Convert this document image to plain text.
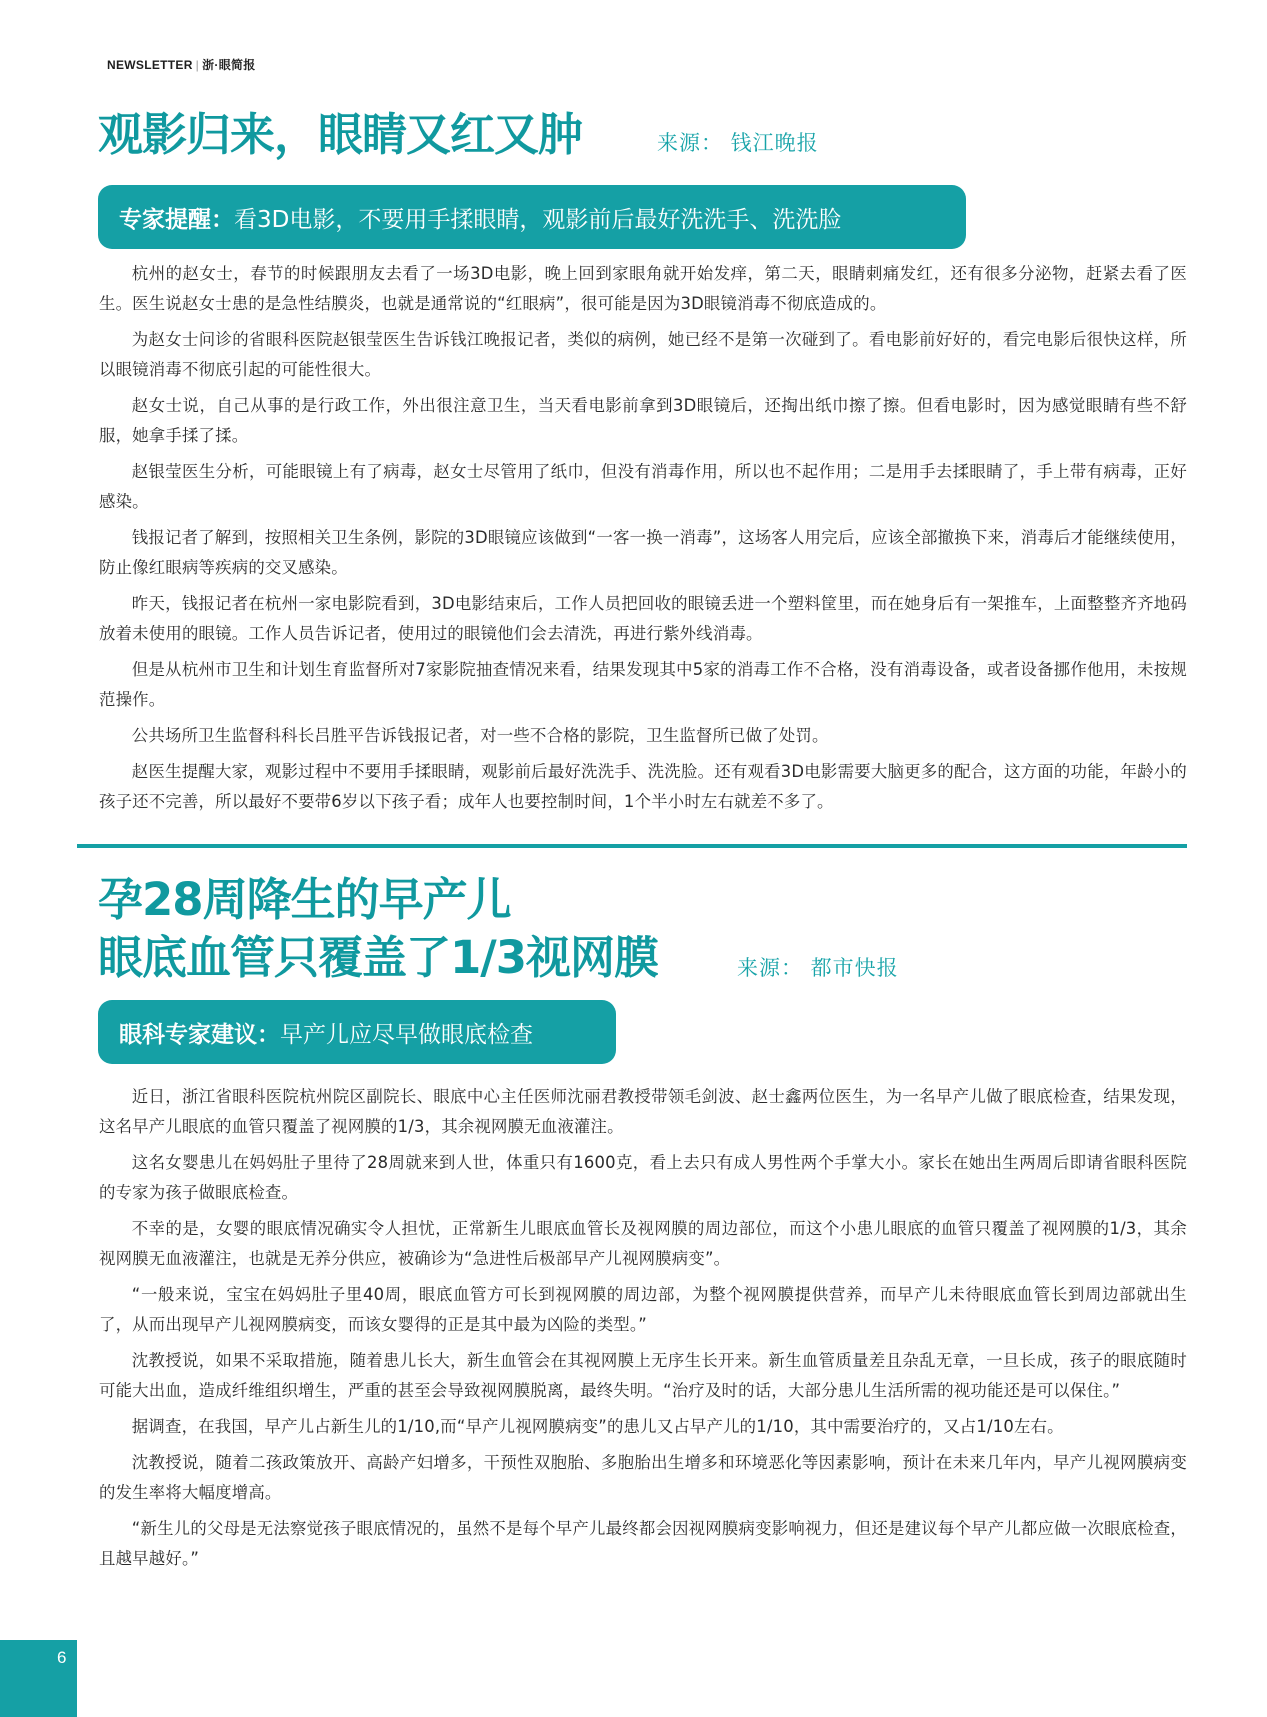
NEWSLETTER | 浙·眼简报
观影归来，眼睛又红又肿	来源： 钱江晚报
专家提醒： 看3D电影，不要用手揉眼睛，观影前后最好洗洗手、洗洗脸

杭州的赵女士，春节的时候跟朋友去看了一场3D电影，晚上回到家眼角就开始发痒，第二天，眼睛刺痛发红，还有很多分泌物，赶紧去看了医生。医生说赵女士患的是急性结膜炎，也就是通常说的“红眼病”，很可能是因为3D眼镜消毒不彻底造成的。

为赵女士问诊的省眼科医院赵银莹医生告诉钱江晚报记者，类似的病例，她已经不是第一次碰到了。看电影前好好的，看完电影后很快这样，所以眼镜消毒不彻底引起的可能性很大。

赵女士说，自己从事的是行政工作，外出很注意卫生，当天看电影前拿到3D眼镜后，还掏出纸巾擦了擦。但看电影时，因为感觉眼睛有些不舒服，她拿手揉了揉。

赵银莹医生分析，可能眼镜上有了病毒，赵女士尽管用了纸巾，但没有消毒作用，所以也不起作用；二是用手去揉眼睛了，手上带有病毒，正好感染。

钱报记者了解到，按照相关卫生条例，影院的3D眼镜应该做到“一客一换一消毒”，这场客人用完后，应该全部撤换下来，消毒后才能继续使用，防止像红眼病等疾病的交叉感染。

昨天，钱报记者在杭州一家电影院看到，3D电影结束后，工作人员把回收的眼镜丢进一个塑料筐里，而在她身后有一架推车，上面整整齐齐地码放着未使用的眼镜。工作人员告诉记者，使用过的眼镜他们会去清洗，再进行紫外线消毒。

但是从杭州市卫生和计划生育监督所对7家影院抽查情况来看，结果发现其中5家的消毒工作不合格，没有消毒设备，或者设备挪作他用，未按规范操作。

公共场所卫生监督科科长吕胜平告诉钱报记者，对一些不合格的影院，卫生监督所已做了处罚。

赵医生提醒大家，观影过程中不要用手揉眼睛，观影前后最好洗洗手、洗洗脸。还有观看3D电影需要大脑更多的配合，这方面的功能，年龄小的孩子还不完善，所以最好不要带6岁以下孩子看；成年人也要控制时间，1个半小时左右就差不多了。

孕28周降生的早产儿
眼底血管只覆盖了1/3视网膜	来源： 都市快报
眼科专家建议： 早产儿应尽早做眼底检查

近日，浙江省眼科医院杭州院区副院长、眼底中心主任医师沈丽君教授带领毛剑波、赵士鑫两位医生，为一名早产儿做了眼底检查，结果发现，这名早产儿眼底的血管只覆盖了视网膜的1/3，其余视网膜无血液灌注。

这名女婴患儿在妈妈肚子里待了28周就来到人世，体重只有1600克，看上去只有成人男性两个手掌大小。家长在她出生两周后即请省眼科医院的专家为孩子做眼底检查。

不幸的是，女婴的眼底情况确实令人担忧，正常新生儿眼底血管长及视网膜的周边部位，而这个小患儿眼底的血管只覆盖了视网膜的1/3，其余视网膜无血液灌注，也就是无养分供应，被确诊为“急进性后极部早产儿视网膜病变”。

“一般来说，宝宝在妈妈肚子里40周，眼底血管方可长到视网膜的周边部，为整个视网膜提供营养，而早产儿未待眼底血管长到周边部就出生了，从而出现早产儿视网膜病变，而该女婴得的正是其中最为凶险的类型。”

沈教授说，如果不采取措施，随着患儿长大，新生血管会在其视网膜上无序生长开来。新生血管质量差且杂乱无章，一旦长成，孩子的眼底随时可能大出血，造成纤维组织增生，严重的甚至会导致视网膜脱离，最终失明。“治疗及时的话，大部分患儿生活所需的视功能还是可以保住。”

据调查，在我国，早产儿占新生儿的1/10,而“早产儿视网膜病变”的患儿又占早产儿的1/10，其中需要治疗的，又占1/10左右。

沈教授说，随着二孩政策放开、高龄产妇增多，干预性双胞胎、多胞胎出生增多和环境恶化等因素影响，预计在未来几年内，早产儿视网膜病变的发生率将大幅度增高。

“新生儿的父母是无法察觉孩子眼底情况的，虽然不是每个早产儿最终都会因视网膜病变影响视力，但还是建议每个早产儿都应做一次眼底检查，且越早越好。”

6
